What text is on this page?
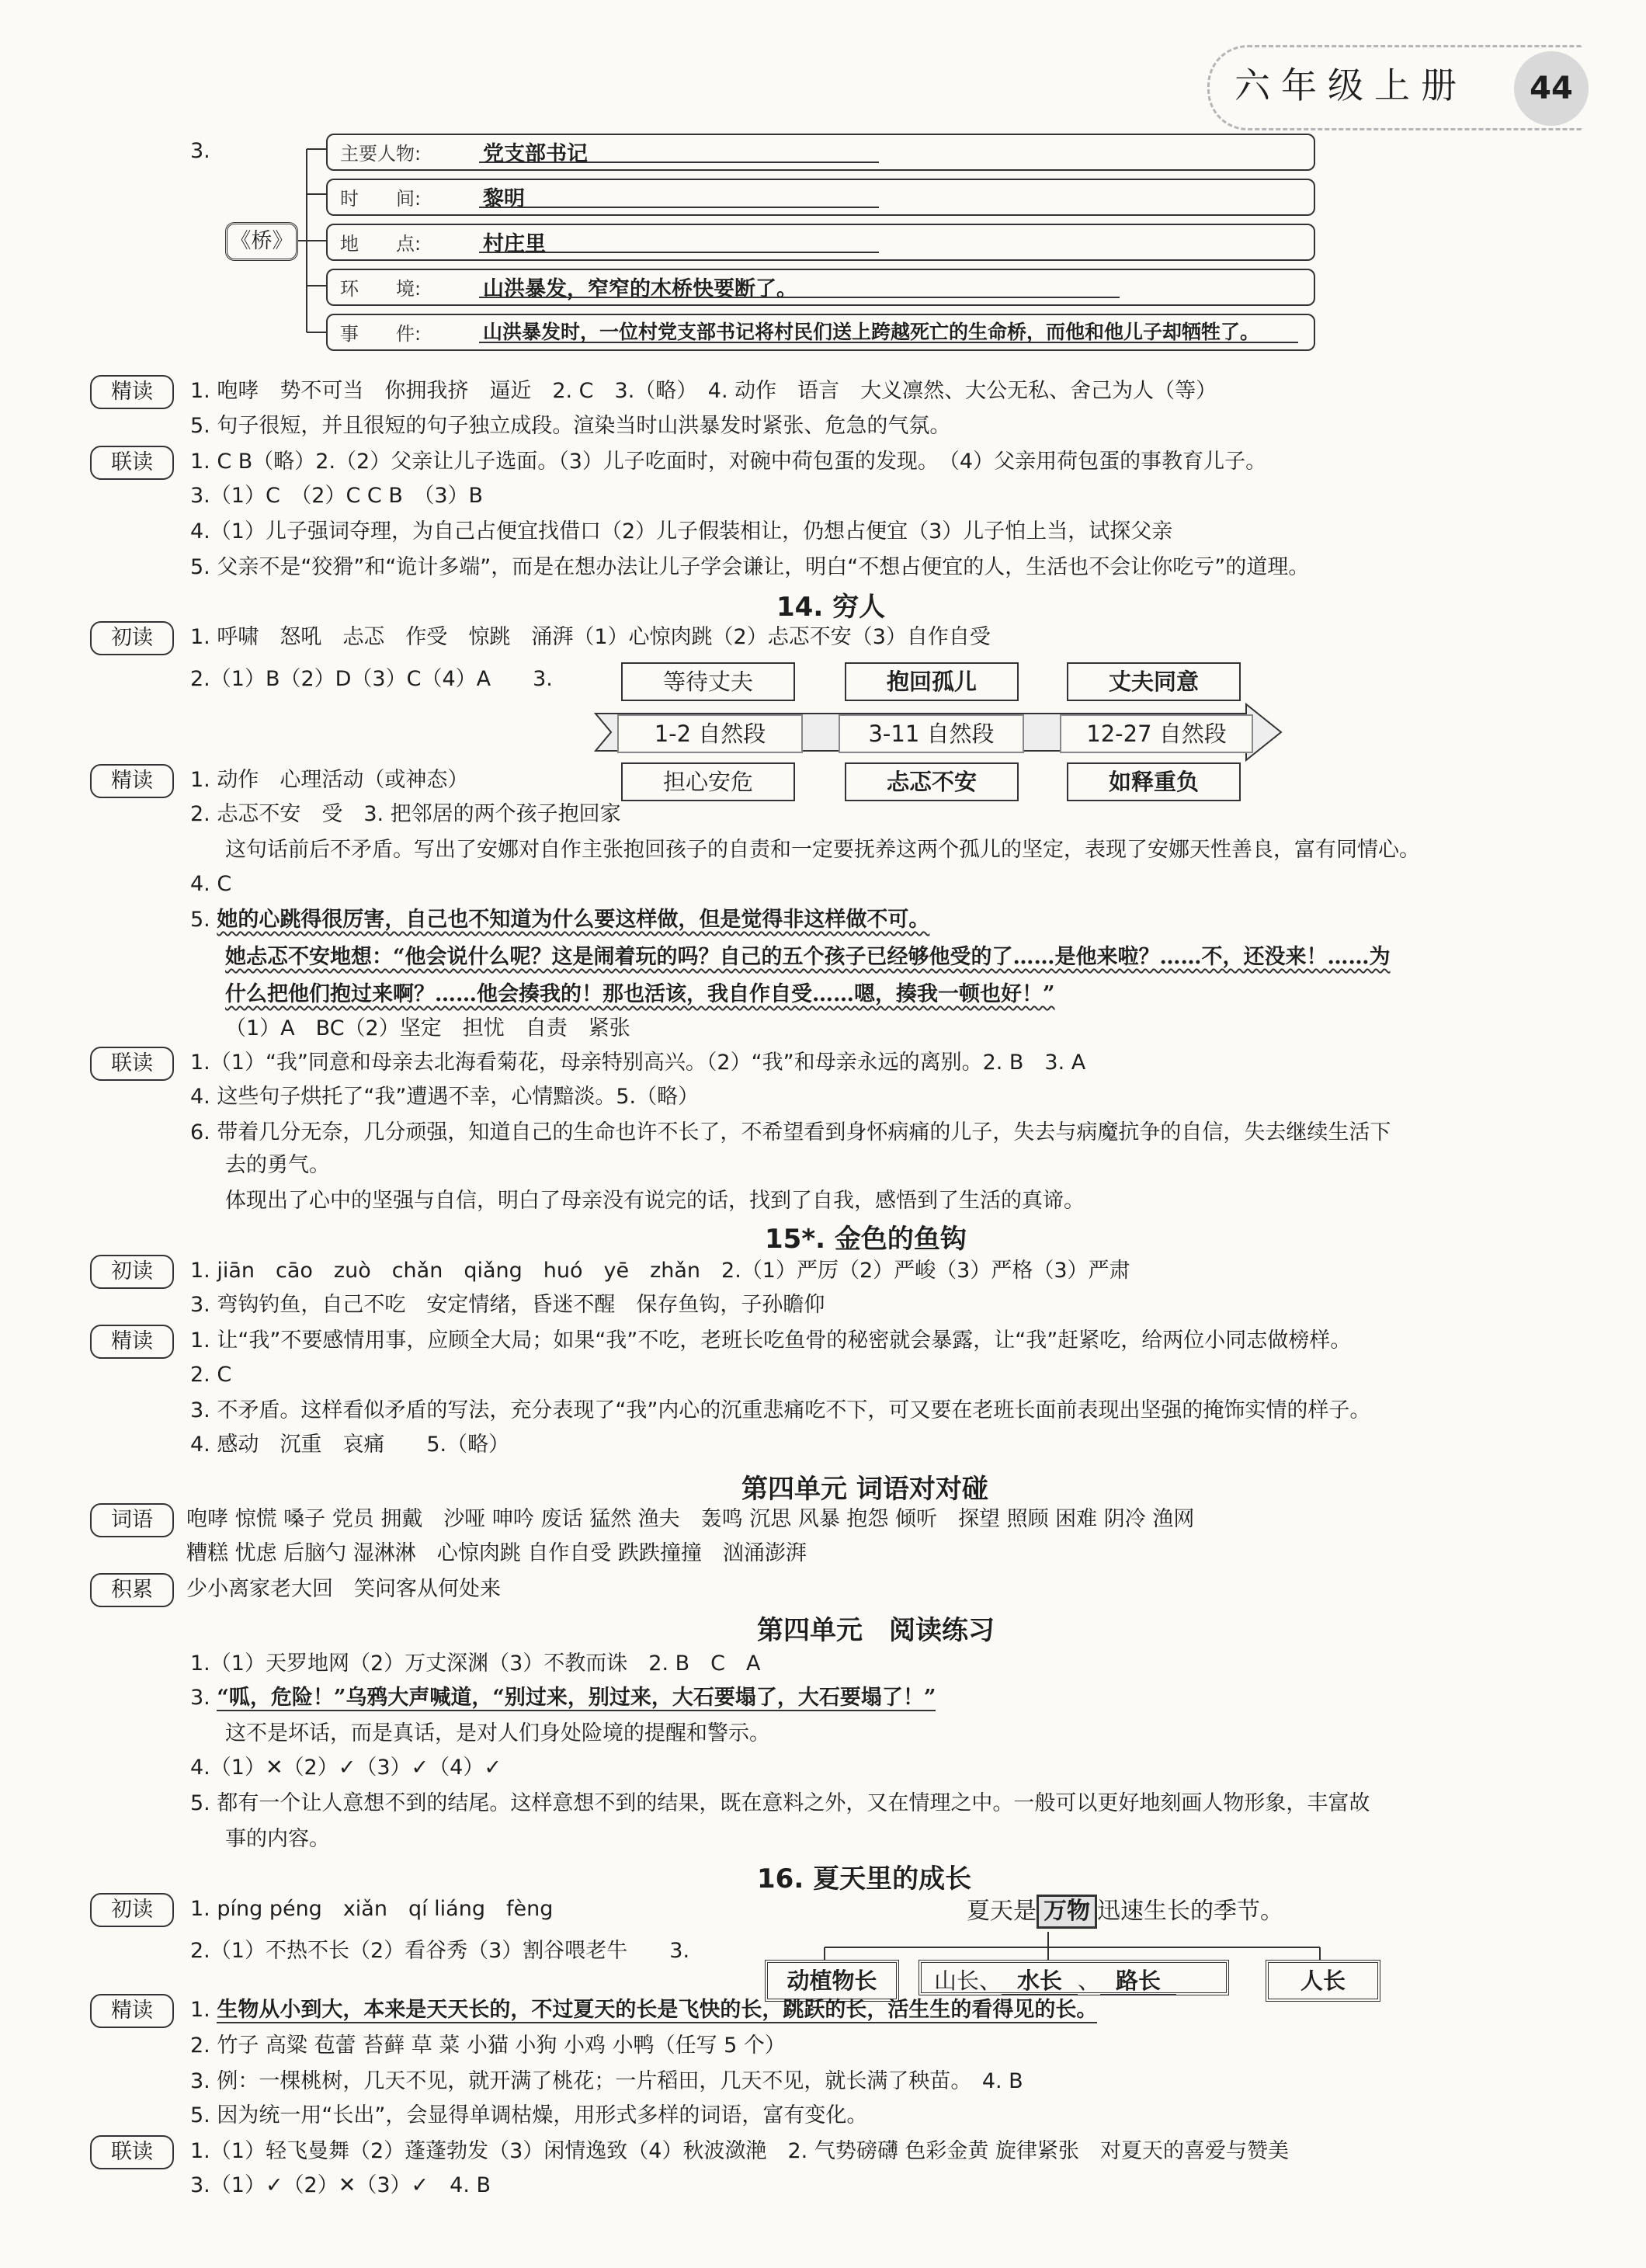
六年级上册	44
3.
《桥》
主要人物:	党支部书记
时　　间:	黎明
地　　点:	村庄里
环　　境:	山洪暴发，窄窄的木桥快要断了。
事　　件:	山洪暴发时，一位村党支部书记将村民们送上跨越死亡的生命桥，而他和他儿子却牺牲了。
精读	1. 咆哮　势不可当　你拥我挤　逼近　2. C　3.（略）　4. 动作　语言　大义凛然、大公无私、舍己为人（等）
5. 句子很短，并且很短的句子独立成段。渲染当时山洪暴发时紧张、危急的气氛。
联读	1. C B（略）2.（2）父亲让儿子选面。（3）儿子吃面时，对碗中荷包蛋的发现。　（4）父亲用荷包蛋的事教育儿子。
3.（1）C　（2）C C B　（3）B
4.（1）儿子强词夺理，为自己占便宜找借口（2）儿子假装相让，仍想占便宜（3）儿子怕上当，试探父亲
5. 父亲不是“狡猾”和“诡计多端”，而是在想办法让儿子学会谦让，明白“不想占便宜的人，生活也不会让你吃亏”的道理。
14. 穷人
初读	1. 呼啸　怒吼　忐忑　作受　惊跳　涌湃（1）心惊肉跳（2）忐忑不安（3）自作自受
2.（1）B（2）D（3）C（4）A　　3.	等待丈夫	抱回孤儿	丈夫同意
1-2 自然段	3-11 自然段	12-27 自然段
担心安危	忐忑不安	如释重负
精读	1. 动作　心理活动（或神态）
2. 忐忑不安　受　3. 把邻居的两个孩子抱回家
这句话前后不矛盾。写出了安娜对自作主张抱回孩子的自责和一定要抚养这两个孤儿的坚定，表现了安娜天性善良，富有同情心。
4. C
5. 她的心跳得很厉害，自己也不知道为什么要这样做，但是觉得非这样做不可。
她忐忑不安地想：“他会说什么呢？这是闹着玩的吗？自己的五个孩子已经够他受的了……是他来啦？……不，还没来！……为
什么把他们抱过来啊？……他会揍我的！那也活该，我自作自受……嗯，揍我一顿也好！”
（1）A　BC（2）坚定　担忧　自责　紧张
联读	1.（1）“我”同意和母亲去北海看菊花，母亲特别高兴。（2）“我”和母亲永远的离别。2. B　3. A
4. 这些句子烘托了“我”遭遇不幸，心情黯淡。5.（略）
6. 带着几分无奈，几分顽强，知道自己的生命也许不长了，不希望看到身怀病痛的儿子，失去与病魔抗争的自信，失去继续生活下
去的勇气。
体现出了心中的坚强与自信，明白了母亲没有说完的话，找到了自我，感悟到了生活的真谛。
15*. 金色的鱼钩
初读	1. jiān　cāo　zuò　chǎn　qiǎng　huó　yē　zhǎn　2.（1）严厉（2）严峻（3）严格（3）严肃
3. 弯钩钓鱼，自己不吃　安定情绪，昏迷不醒　保存鱼钩，子孙瞻仰
精读	1. 让“我”不要感情用事，应顾全大局；如果“我”不吃，老班长吃鱼骨的秘密就会暴露，让“我”赶紧吃，给两位小同志做榜样。
2. C
3. 不矛盾。这样看似矛盾的写法，充分表现了“我”内心的沉重悲痛吃不下，可又要在老班长面前表现出坚强的掩饰实情的样子。
4. 感动　沉重　哀痛　　5.（略）
第四单元 词语对对碰
词语	咆哮 惊慌 嗓子 党员 拥戴　沙哑 呻吟 废话 猛然 渔夫　轰鸣 沉思 风暴 抱怨 倾听　探望 照顾 困难 阴冷 渔网
糟糕 忧虑 后脑勺 湿淋淋　心惊肉跳 自作自受 跌跌撞撞　汹涌澎湃
积累	少小离家老大回　笑问客从何处来
第四单元　阅读练习
1.（1）天罗地网（2）万丈深渊（3）不教而诛　2. B　C　A
3. “呱，危险！”乌鸦大声喊道，“别过来，别过来，大石要塌了，大石要塌了！”
这不是坏话，而是真话，是对人们身处险境的提醒和警示。
4.（1）✕（2）✓（3）✓（4）✓
5. 都有一个让人意想不到的结尾。这样意想不到的结果，既在意料之外，又在情理之中。一般可以更好地刻画人物形象，丰富故
事的内容。
16. 夏天里的成长
初读	1. píng péng　xiǎn　qí liáng　fèng
2.（1）不热不长（2）看谷秀（3）割谷喂老牛　　3.
夏天是 万物 迅速生长的季节。
动植物长	山长、 水长 、 路长	人长
精读	1. 生物从小到大，本来是天天长的，不过夏天的长是飞快的长，跳跃的长，活生生的看得见的长。
2. 竹子 高粱 苞蕾 苔藓 草 菜 小猫 小狗 小鸡 小鸭（任写 5 个）
3. 例：一棵桃树，几天不见，就开满了桃花；一片稻田，几天不见，就长满了秧苗。　4. B
5. 因为统一用“长出”，会显得单调枯燥，用形式多样的词语，富有变化。
联读	1.（1）轻飞曼舞（2）蓬蓬勃发（3）闲情逸致（4）秋波潋滟　2. 气势磅礴 色彩金黄 旋律紧张　对夏天的喜爱与赞美
3.（1）✓（2）✕（3）✓　4. B
